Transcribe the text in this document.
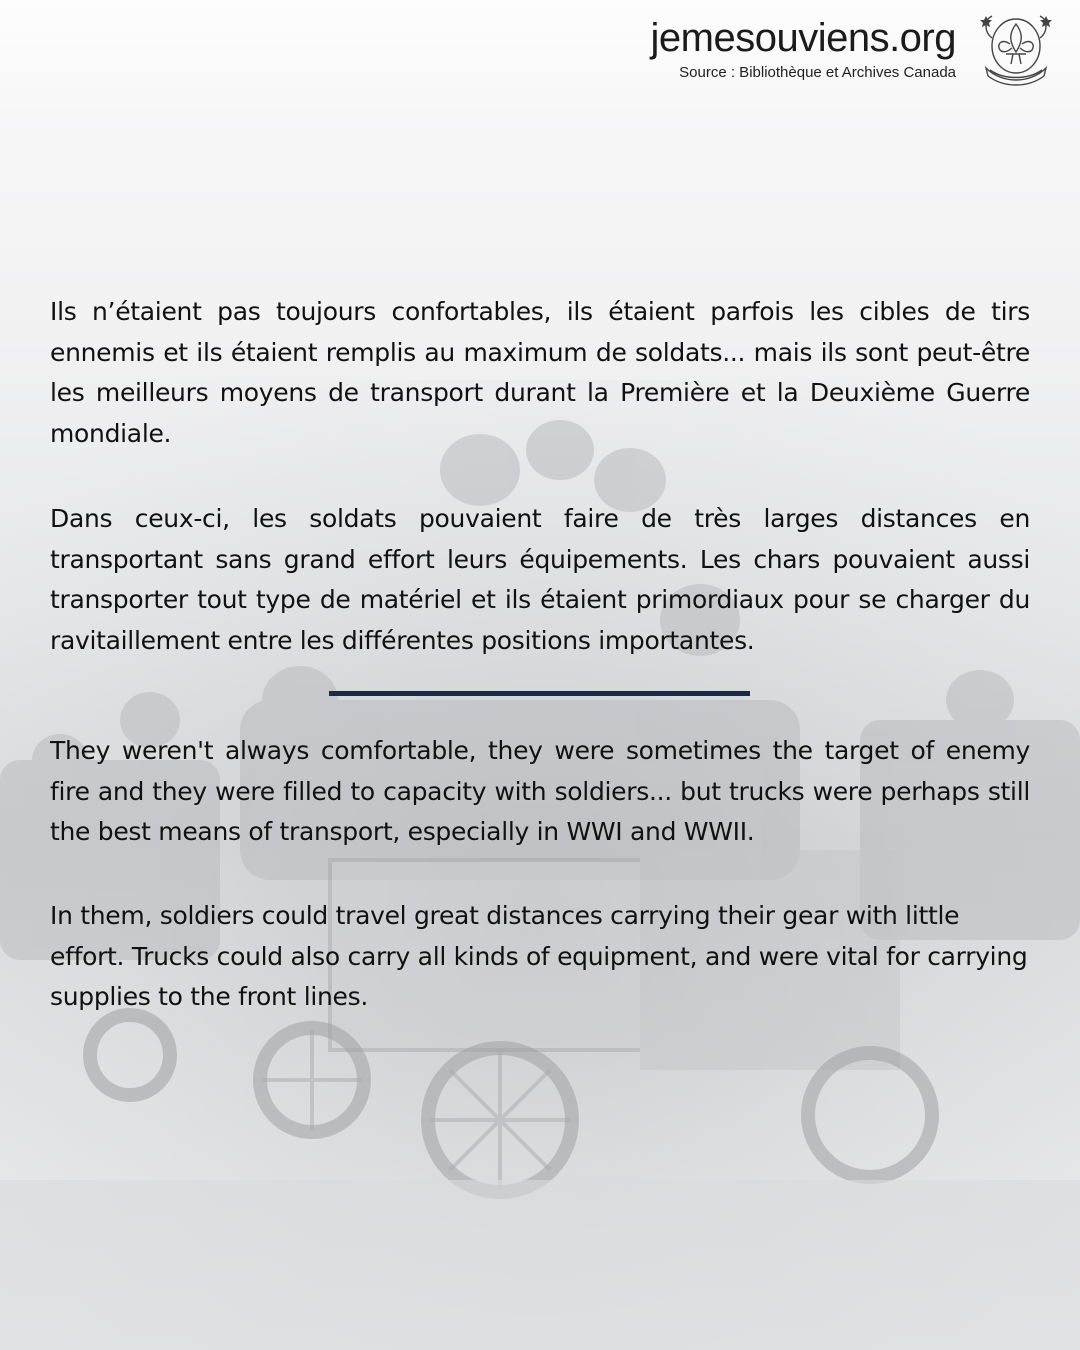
jemesouviens.org
Source : Bibliothèque et Archives Canada
Ils n’étaient pas toujours confortables, ils étaient parfois les cibles de tirs ennemis et ils étaient remplis au maximum de soldats... mais ils sont peut-être les meilleurs moyens de transport durant la Première et la Deuxième Guerre mondiale.
Dans ceux-ci, les soldats pouvaient faire de très larges distances en transportant sans grand effort leurs équipements. Les chars pouvaient aussi transporter tout type de matériel et ils étaient primordiaux pour se charger du ravitaillement entre les différentes positions importantes.
They weren't always comfortable, they were sometimes the target of enemy fire and they were filled to capacity with soldiers... but trucks were perhaps still the best means of transport, especially in WWI and WWII.
In them, soldiers could travel great distances carrying their gear with little effort. Trucks could also carry all kinds of equipment, and were vital for carrying supplies to the front lines.
